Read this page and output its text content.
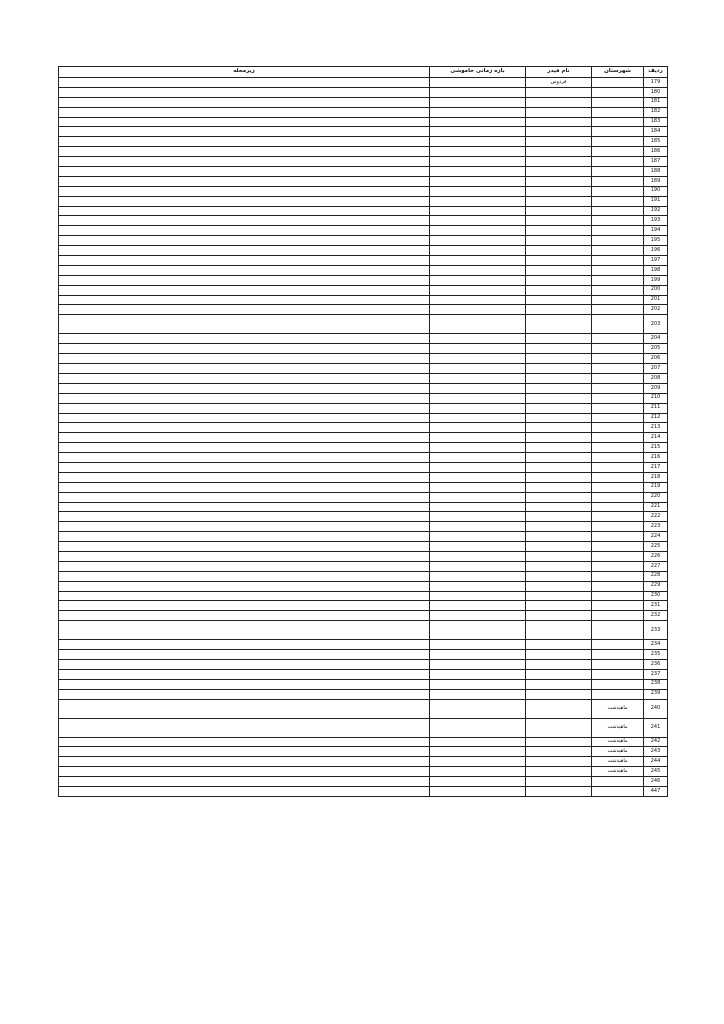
ردیف	شهرستان	نام فیدر	بازه زمانی خاموشی	زیرمحله
179		فردوس		
180				
181				
182				
183				
184				
185				
186				
187				
188				
189				
190				
191				
192				
193				
194				
195				
196				
197				
198				
199				
200				
201				
202				
203				
204				
205				
206				
207				
208				
209				
210				
211				
212				
213				
214				
215				
216				
217				
218				
219				
220				
221				
222				
223				
224				
225				
226				
227				
228				
229				
230				
231				
232				
233				
234				
235				
236				
237				
238				
239				
240	ماهیدشت			
241	ماهیدشت			
242	ماهیدشت			
243	ماهیدشت			
244	ماهیدشت			
245	ماهیدشت			
246				
447				
